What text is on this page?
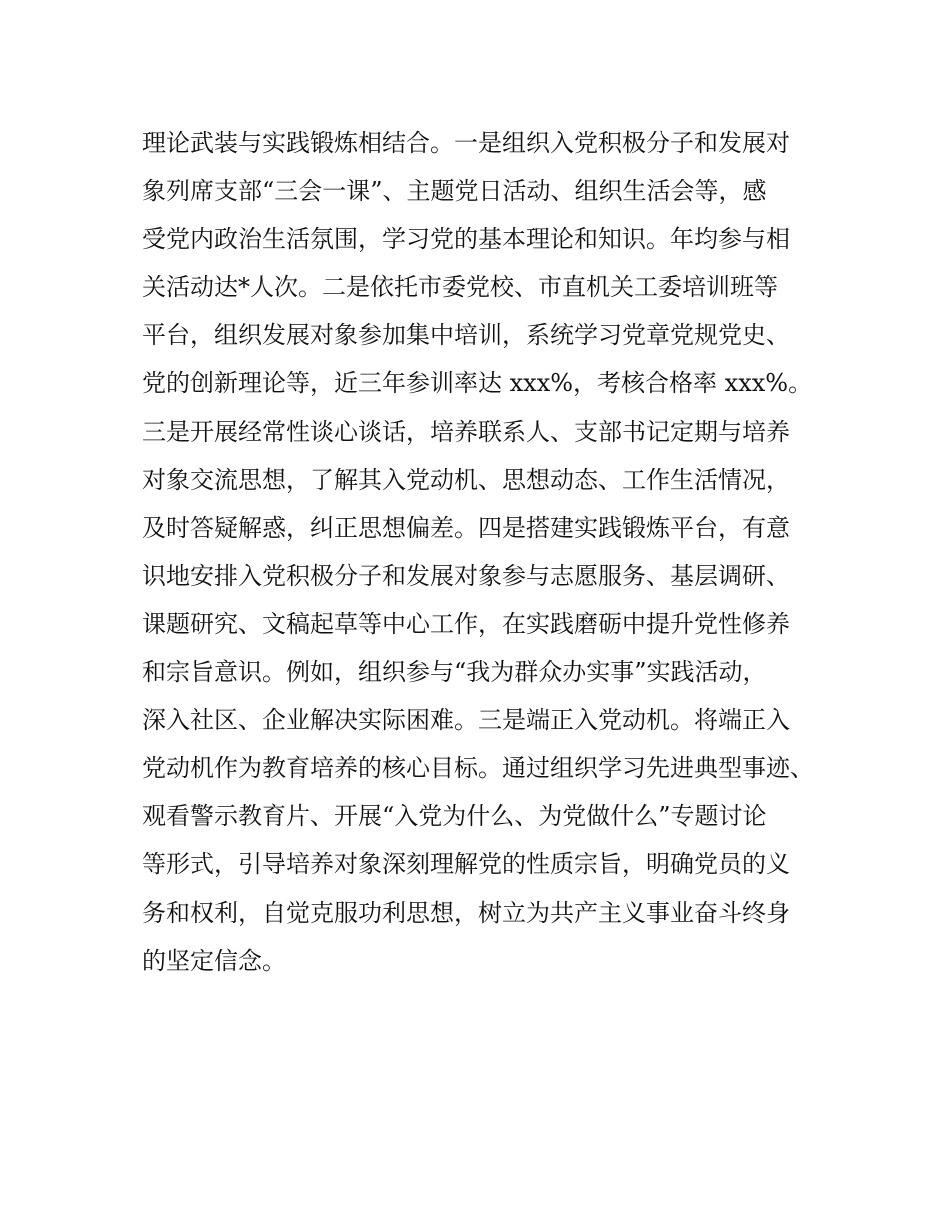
理论武装与实践锻炼相结合。一是组织入党积极分子和发展对
象列席支部“三会一课”、主题党日活动、组织生活会等，感
受党内政治生活氛围，学习党的基本理论和知识。年均参与相
关活动达*人次。二是依托市委党校、市直机关工委培训班等
平台，组织发展对象参加集中培训，系统学习党章党规党史、
党的创新理论等，近三年参训率达 xxx%，考核合格率 xxx%。
三是开展经常性谈心谈话，培养联系人、支部书记定期与培养
对象交流思想，了解其入党动机、思想动态、工作生活情况，
及时答疑解惑，纠正思想偏差。四是搭建实践锻炼平台，有意
识地安排入党积极分子和发展对象参与志愿服务、基层调研、
课题研究、文稿起草等中心工作，在实践磨砺中提升党性修养
和宗旨意识。例如，组织参与“我为群众办实事”实践活动，
深入社区、企业解决实际困难。三是端正入党动机。将端正入
党动机作为教育培养的核心目标。通过组织学习先进典型事迹、
观看警示教育片、开展“入党为什么、为党做什么”专题讨论
等形式，引导培养对象深刻理解党的性质宗旨，明确党员的义
务和权利，自觉克服功利思想，树立为共产主义事业奋斗终身
的坚定信念。
